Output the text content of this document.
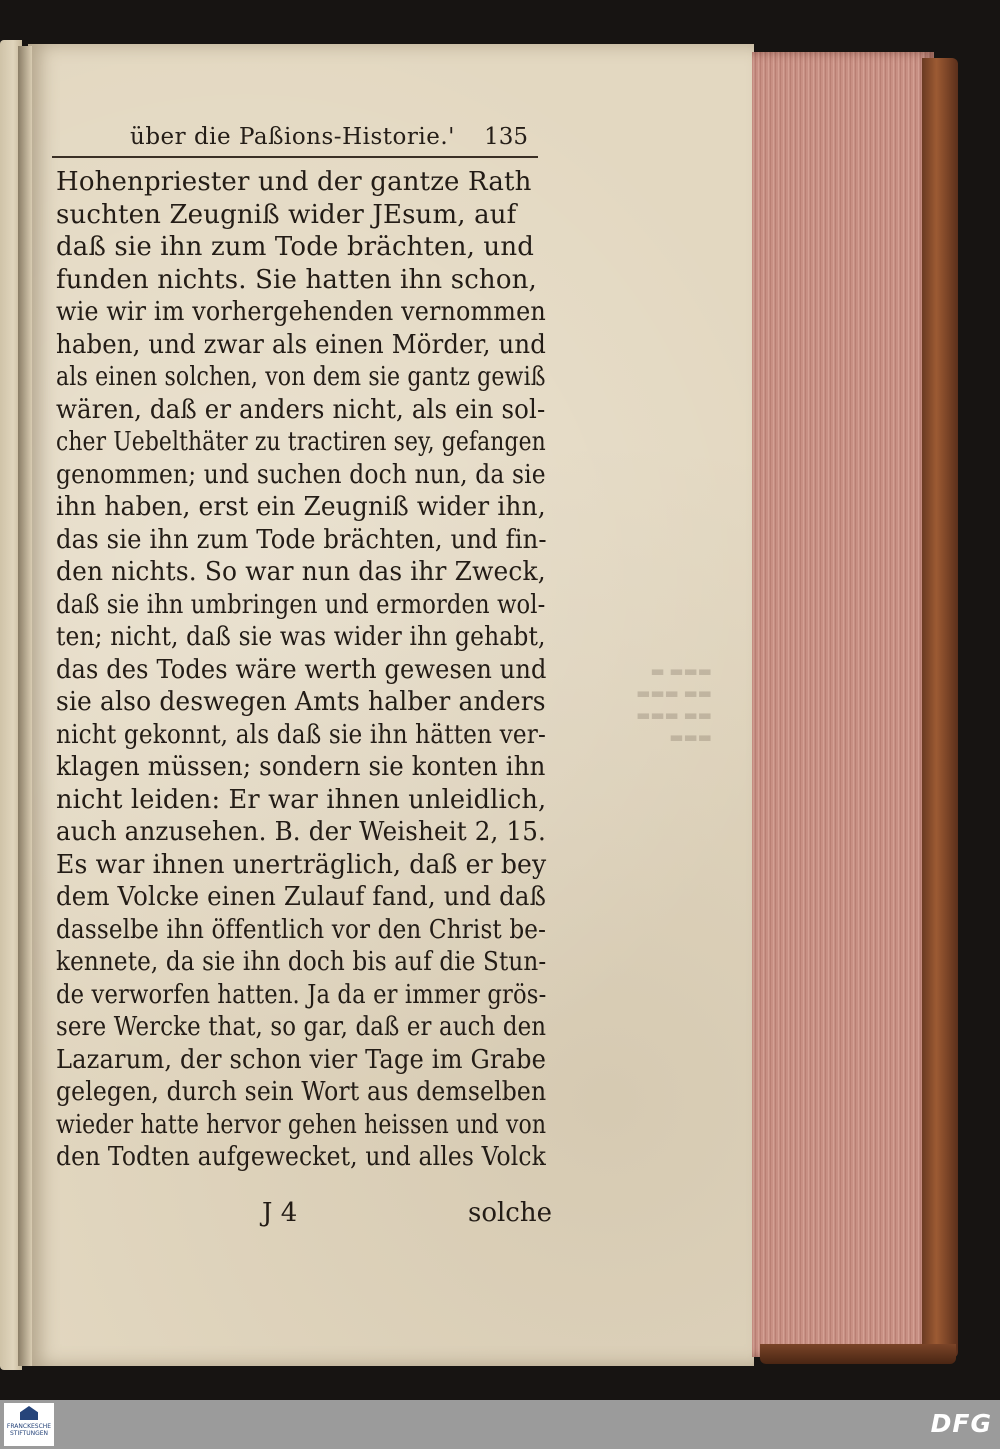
▬▬▬ ▬
▬▬ ▬▬▬
▬▬ ▬▬▬
▬▬▬
über die Paßions-Historie.' 135
Hohenpriester und der gantze Rath
suchten Zeugniß wider JEsum, auf
daß sie ihn zum Tode brächten, und
funden nichts. Sie hatten ihn schon,
wie wir im vorhergehenden vernommen
haben, und zwar als einen Mörder, und
als einen solchen, von dem sie gantz gewiß
wären, daß er anders nicht, als ein sol-
cher Uebelthäter zu tractiren sey, gefangen
genommen; und suchen doch nun, da sie
ihn haben, erst ein Zeugniß wider ihn,
das sie ihn zum Tode brächten, und fin-
den nichts. So war nun das ihr Zweck,
daß sie ihn umbringen und ermorden wol-
ten; nicht, daß sie was wider ihn gehabt,
das des Todes wäre werth gewesen und
sie also deswegen Amts halber anders
nicht gekonnt, als daß sie ihn hätten ver-
klagen müssen; sondern sie konten ihn
nicht leiden: Er war ihnen unleidlich,
auch anzusehen. B. der Weisheit 2, 15.
Es war ihnen unerträglich, daß er bey
dem Volcke einen Zulauf fand, und daß
dasselbe ihn öffentlich vor den Christ be-
kennete, da sie ihn doch bis auf die Stun-
de verworfen hatten. Ja da er immer grös-
sere Wercke that, so gar, daß er auch den
Lazarum, der schon vier Tage im Grabe
gelegen, durch sein Wort aus demselben
wieder hatte hervor gehen heissen und von
den Todten aufgewecket, und alles Volck
J 4	solche
FRANCKESCHE STIFTUNGEN	DFG
